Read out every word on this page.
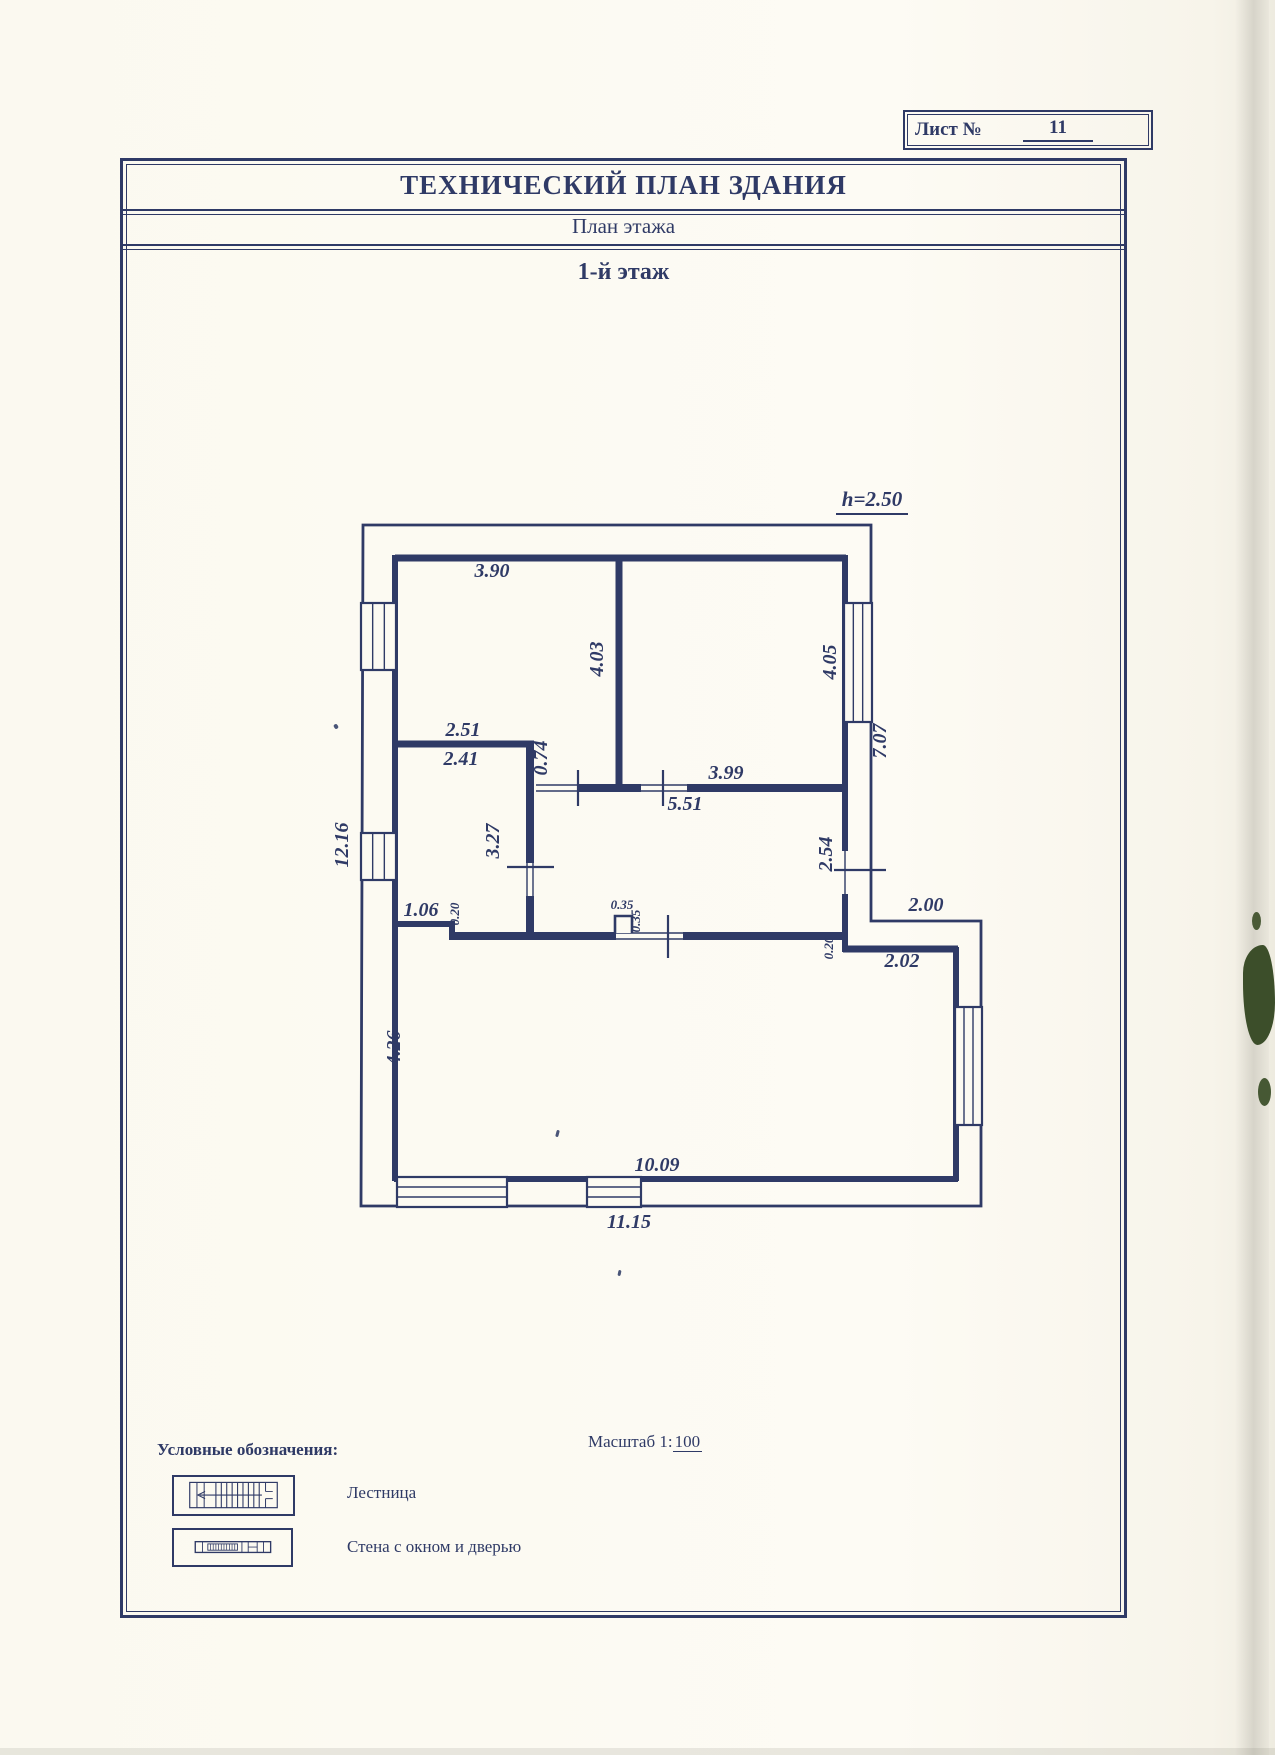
Лист №	11
ТЕХНИЧЕСКИЙ ПЛАН ЗДАНИЯ
План этажа
1-й этаж
h=2.50
3.90
4.03	4.05
7.07
2.51
2.41	0.74	3.99
5.51
3.27
12.16
1.06 0.20	0.35
0.35
2.54
2.00
0.20
2.02
4.26
10.09
11.15
Масштаб 1: 100
Условные обозначения:
Лестница
Стена с окном и дверью
